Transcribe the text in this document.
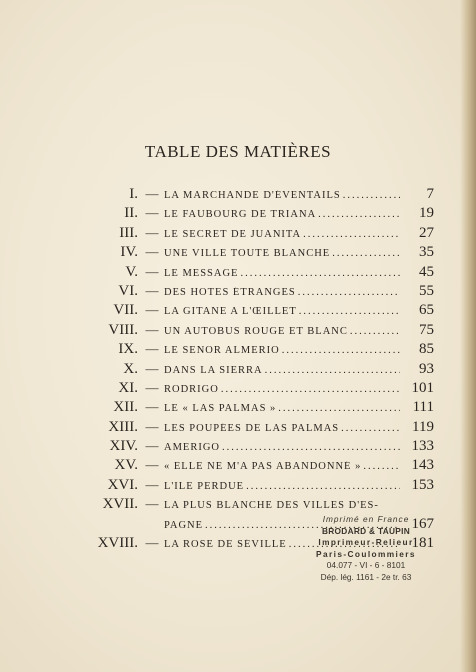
TABLE DES MATIÈRES
I. — LA MARCHANDE D'ÉVENTAILS .....	7
II. — LE FAUBOURG DE TRIANA .....	19
III. — LE SECRET DE JUANITA .....	27
IV. — UNE VILLE TOUTE BLANCHE .....	35
V. — LE MESSAGE .....	45
VI. — DES HOTES ÉTRANGES .....	55
VII. — LA GITANE A L'ŒILLET .....	65
VIII. — UN AUTOBUS ROUGE ET BLANC .....	75
IX. — LE SENOR ALMERIO .....	85
X. — DANS LA SIERRA .....	93
XI. — RODRIGO .....	101
XII. — LE « LAS PALMAS » .....	111
XIII. — LES POUPÉES DE LAS PALMAS .....	119
XIV. — AMERIGO .....	133
XV. — « ELLE NE M'A PAS ABANDONNÉ » .....	143
XVI. — L'ILE PERDUE .....	153
XVII. — LA PLUS BLANCHE DES VILLES D'ES-
PAGNE .....	167
XVIII. — LA ROSE DE SÉVILLE .....	181
Imprimé en France
BRODARD & TAUPIN
Imprimeur-Relieur
Paris-Coulommiers
04.077 - VI - 6 - 8101
Dép. lég. 1161 - 2e tr. 63
